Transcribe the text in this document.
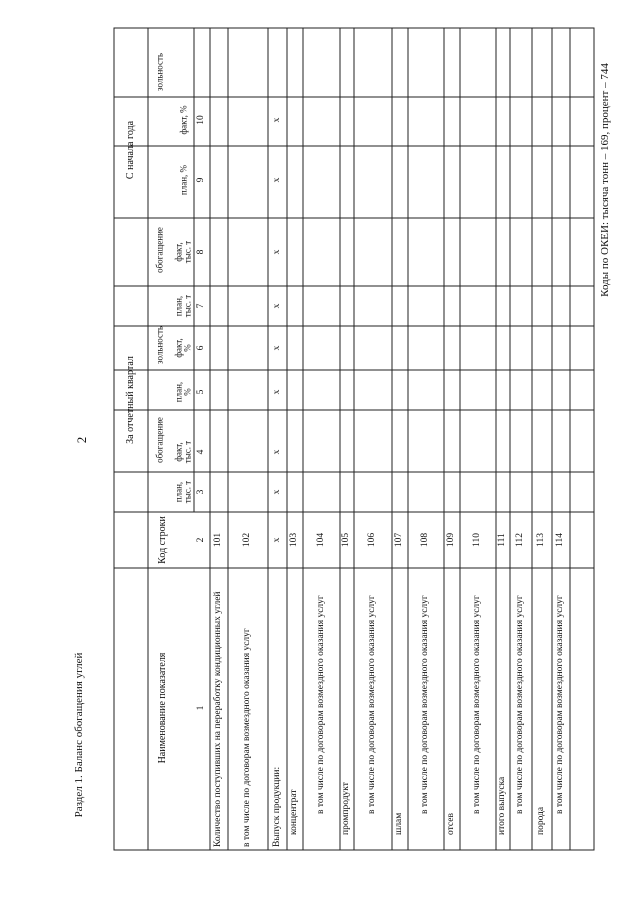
2
Раздел 1. Баланс обогащения углей
Коды по ОКЕИ: тысяча тонн – 169, процент – 744
Наименование показателя
Код строки
За отчетный квартал
С начала года
обогащение
зольность
обогащение
зольность
план, тыс. т
факт, тыс. т
план, %
факт, %
план, тыс. т
факт, тыс. т
план, %
факт, %
1
2
3
4
5
6
7
8
9
10
Количество поступивших на переработку кондиционных углей
101
в том числе по договорам возмездного оказания услуг
102
Выпуск продукции:
х
х
х
х
х
х
х
х
х
концентрат
103
в том числе по договорам возмездного оказания услуг
104
промпродукт
105
в том числе по договорам возмездного оказания услуг
106
шлам
107
в том числе по договорам возмездного оказания услуг
108
отсев
109
в том числе по договорам возмездного оказания услуг
110
итого выпуска
111
в том числе по договорам возмездного оказания услуг
112
порода
113
в том числе по договорам возмездного оказания услуг
114
